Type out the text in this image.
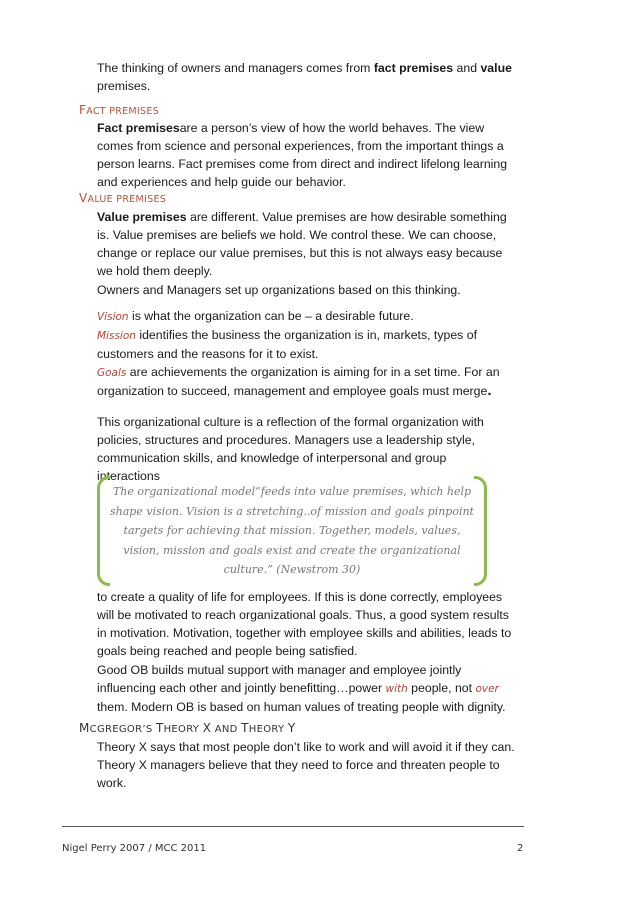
The thinking of owners and managers comes from fact premises and value
premises.
FACT PREMISES
Fact premisesare a person’s view of how the world behaves. The view comes from science and personal experiences, from the important things a person learns. Fact premises come from direct and indirect lifelong learning and experiences and help guide our behavior.
VALUE PREMISES
Value premises are different. Value premises are how desirable something is. Value premises are beliefs we hold. We control these. We can choose, change or replace our value premises, but this is not always easy because we hold them deeply.
Owners and Managers set up organizations based on this thinking.
Vision is what the organization can be – a desirable future.
Mission identifies the business the organization is in, markets, types of customers and the reasons for it to exist.
Goals are achievements the organization is aiming for in a set time. For an organization to succeed, management and employee goals must merge.
This organizational culture is a reflection of the formal organization with policies, structures and procedures. Managers use a leadership style, communication skills, and knowledge of interpersonal and group interactions
The organizational model“feeds into value premises, which help shape vision. Vision is a stretching..of mission and goals pinpoint targets for achieving that mission. Together, models, values, vision, mission and goals exist and create the organizational culture.” (Newstrom 30)
to create a quality of life for employees. If this is done correctly, employees will be motivated to reach organizational goals. Thus, a good system results in motivation. Motivation, together with employee skills and abilities, leads to goals being reached and people being satisfied.
Good OB builds mutual support with manager and employee jointly influencing each other and jointly benefitting…power with people, not over them. Modern OB is based on human values of treating people with dignity.
MCGREGOR’S THEORY X AND THEORY Y
Theory X says that most people don’t like to work and will avoid it if they can. Theory X managers believe that they need to force and threaten people to work.
Nigel Perry 2007 / MCC 2011	2
